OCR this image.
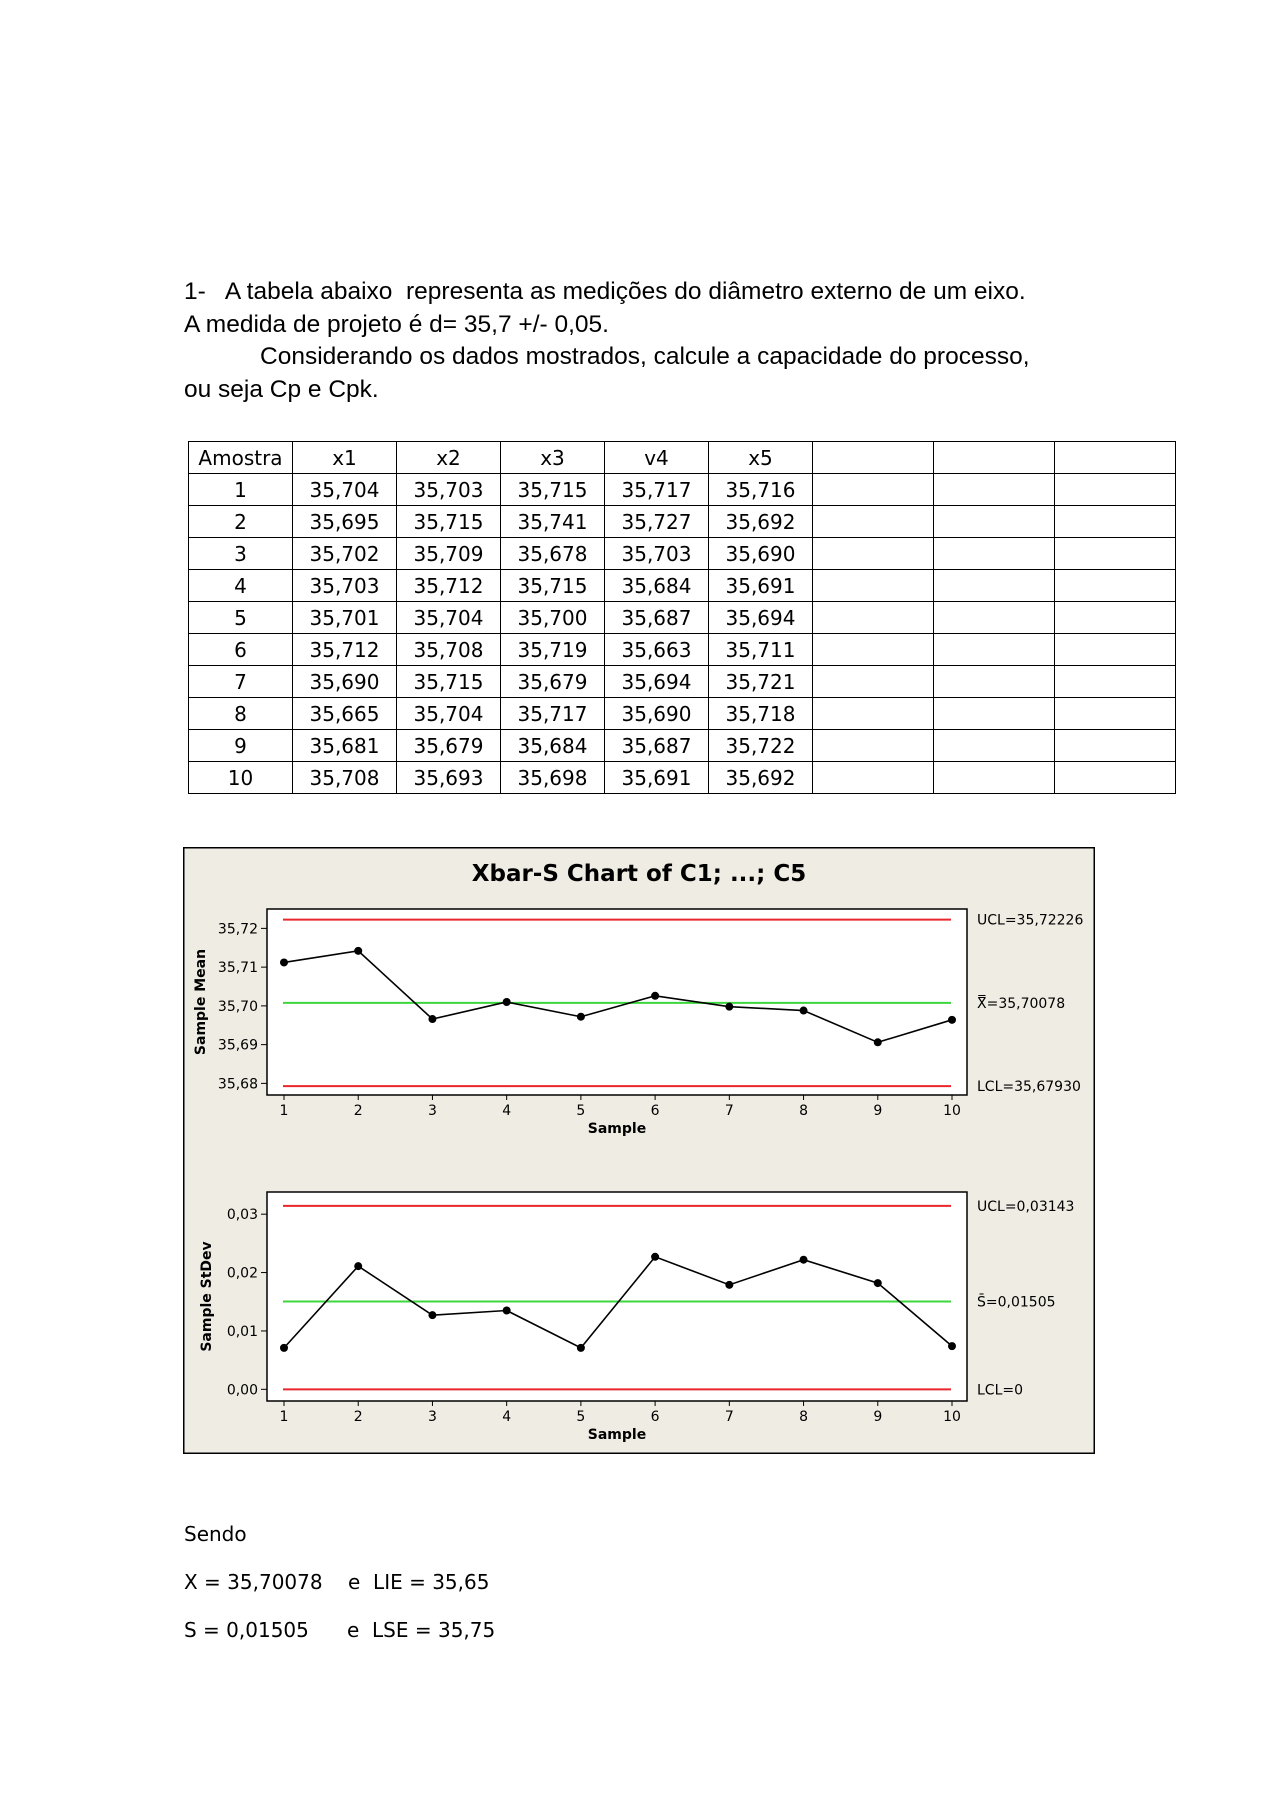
1-   A tabela abaixo  representa as medições do diâmetro externo de um eixo.

A medida de projeto é d= 35,7 +/- 0,05.

Considerando os dados mostrados, calcule a capacidade do processo,

ou seja Cp e Cpk.

Amostra	x1	x2	x3	v4	x5			
1	35,704	35,703	35,715	35,717	35,716			
2	35,695	35,715	35,741	35,727	35,692			
3	35,702	35,709	35,678	35,703	35,690			
4	35,703	35,712	35,715	35,684	35,691			
5	35,701	35,704	35,700	35,687	35,694			
6	35,712	35,708	35,719	35,663	35,711			
7	35,690	35,715	35,679	35,694	35,721			
8	35,665	35,704	35,717	35,690	35,718			
9	35,681	35,679	35,684	35,687	35,722			
10	35,708	35,693	35,698	35,691	35,692			
Xbar-S Chart of C1; ...; C5
35,68
35,69
35,70
35,71
35,72
1	2	3	4	5	6	7	8	9	10
Sample
Sample Mean
UCL=35,72226
X̿=35,70078
LCL=35,67930
0,00
0,01
0,02
0,03
1	2	3	4	5	6	7	8	9	10
Sample
Sample StDev
UCL=0,03143
S̄=0,01505
LCL=0
Sendo
X = 35,70078    e  LIE = 35,65
S = 0,01505      e  LSE = 35,75
